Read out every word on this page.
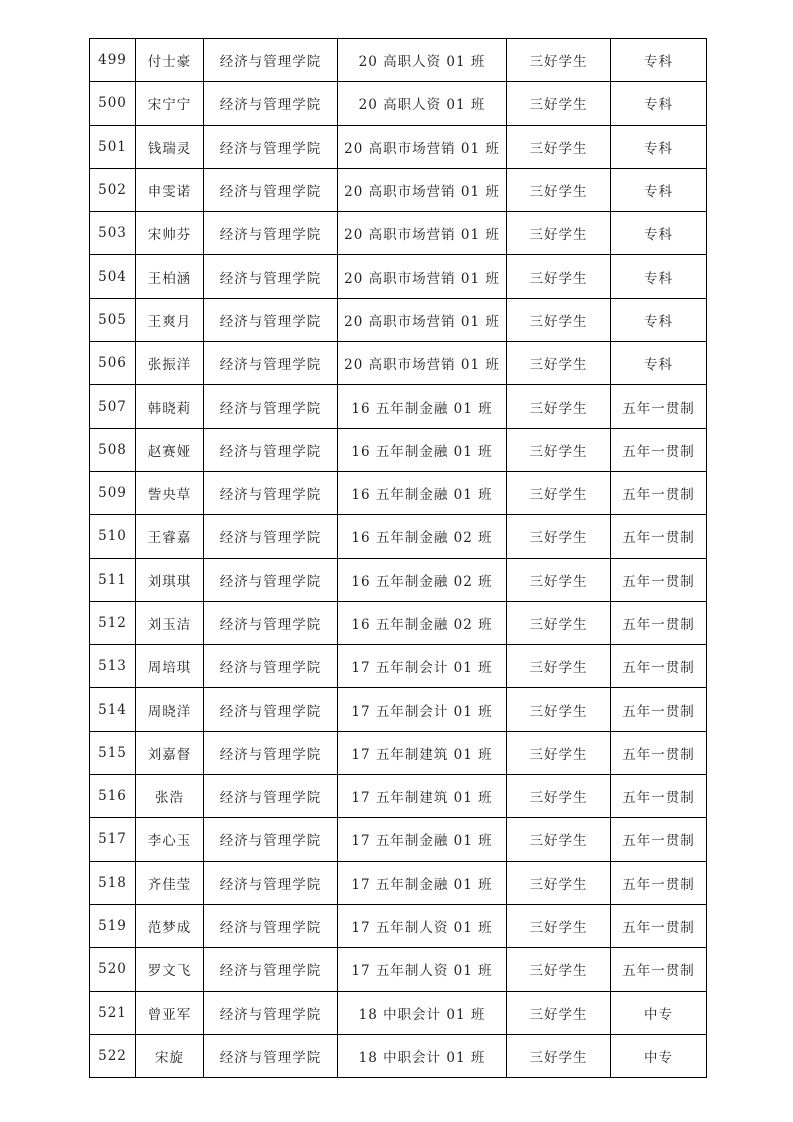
499	付士豪	经济与管理学院	20 高职人资 01 班	三好学生	专科
500	宋宁宁	经济与管理学院	20 高职人资 01 班	三好学生	专科
501	钱瑞灵	经济与管理学院	20 高职市场营销 01 班	三好学生	专科
502	申雯诺	经济与管理学院	20 高职市场营销 01 班	三好学生	专科
503	宋帅芬	经济与管理学院	20 高职市场营销 01 班	三好学生	专科
504	王柏涵	经济与管理学院	20 高职市场营销 01 班	三好学生	专科
505	王爽月	经济与管理学院	20 高职市场营销 01 班	三好学生	专科
506	张振洋	经济与管理学院	20 高职市场营销 01 班	三好学生	专科
507	韩晓莉	经济与管理学院	16 五年制金融 01 班	三好学生	五年一贯制
508	赵赛娅	经济与管理学院	16 五年制金融 01 班	三好学生	五年一贯制
509	訾央草	经济与管理学院	16 五年制金融 01 班	三好学生	五年一贯制
510	王睿嘉	经济与管理学院	16 五年制金融 02 班	三好学生	五年一贯制
511	刘琪琪	经济与管理学院	16 五年制金融 02 班	三好学生	五年一贯制
512	刘玉洁	经济与管理学院	16 五年制金融 02 班	三好学生	五年一贯制
513	周培琪	经济与管理学院	17 五年制会计 01 班	三好学生	五年一贯制
514	周晓洋	经济与管理学院	17 五年制会计 01 班	三好学生	五年一贯制
515	刘嘉督	经济与管理学院	17 五年制建筑 01 班	三好学生	五年一贯制
516	张浩	经济与管理学院	17 五年制建筑 01 班	三好学生	五年一贯制
517	李心玉	经济与管理学院	17 五年制金融 01 班	三好学生	五年一贯制
518	齐佳莹	经济与管理学院	17 五年制金融 01 班	三好学生	五年一贯制
519	范梦成	经济与管理学院	17 五年制人资 01 班	三好学生	五年一贯制
520	罗文飞	经济与管理学院	17 五年制人资 01 班	三好学生	五年一贯制
521	曾亚军	经济与管理学院	18 中职会计 01 班	三好学生	中专
522	宋旋	经济与管理学院	18 中职会计 01 班	三好学生	中专
